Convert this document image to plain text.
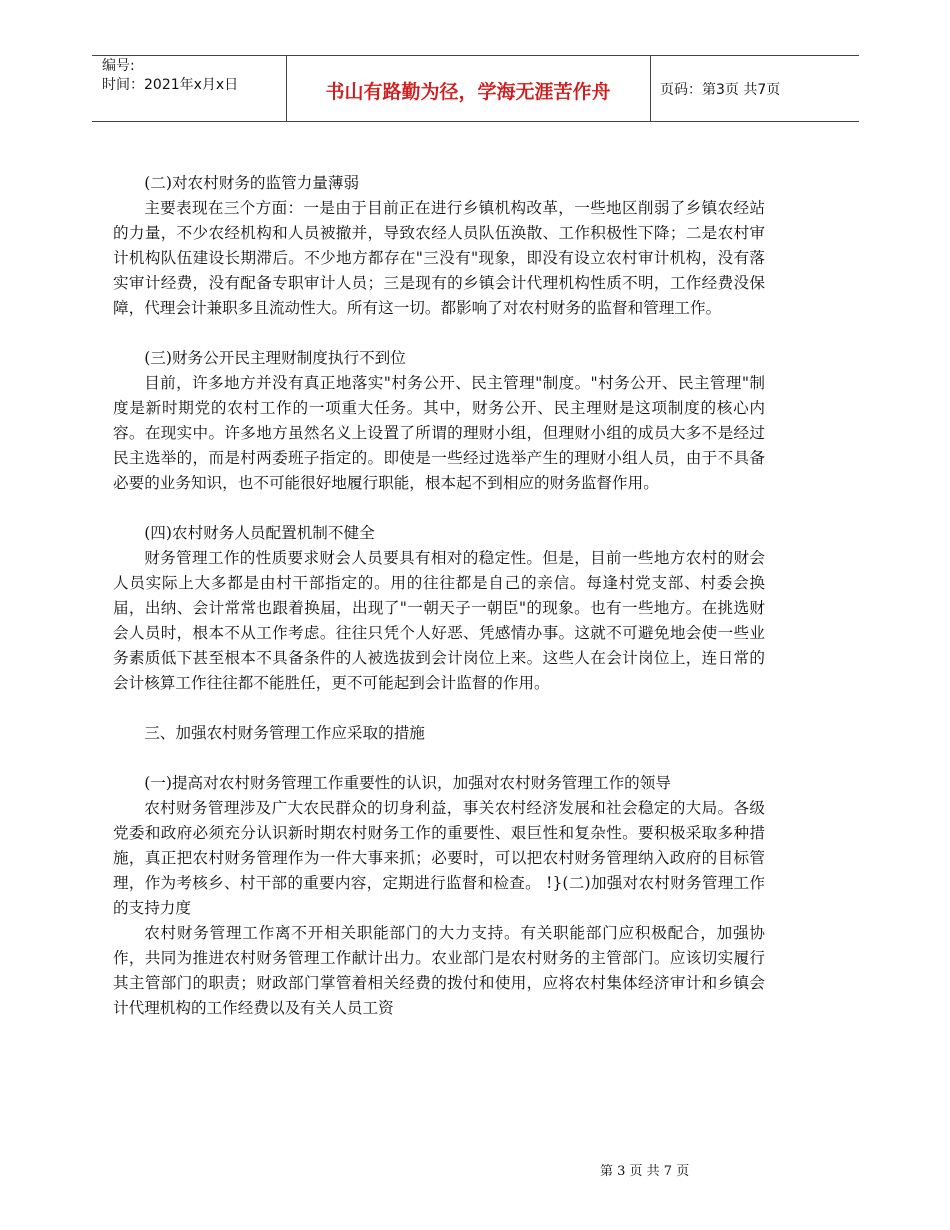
编号:
时间：2021年x月x日	书山有路勤为径，学海无涯苦作舟	页码：第3页 共7页

(二)对农村财务的监管力量薄弱

主要表现在三个方面：一是由于目前正在进行乡镇机构改革，一些地区削弱了乡镇农经站的力量，不少农经机构和人员被撤并，导致农经人员队伍涣散、工作积极性下降；二是农村审计机构队伍建设长期滞后。不少地方都存在"三没有"现象，即没有设立农村审计机构，没有落实审计经费，没有配备专职审计人员；三是现有的乡镇会计代理机构性质不明，工作经费没保障，代理会计兼职多且流动性大。所有这一切。都影响了对农村财务的监督和管理工作。

(三)财务公开民主理财制度执行不到位

目前，许多地方并没有真正地落实"村务公开、民主管理"制度。"村务公开、民主管理"制度是新时期党的农村工作的一项重大任务。其中，财务公开、民主理财是这项制度的核心内容。在现实中。许多地方虽然名义上设置了所谓的理财小组，但理财小组的成员大多不是经过民主选举的，而是村两委班子指定的。即使是一些经过选举产生的理财小组人员，由于不具备必要的业务知识，也不可能很好地履行职能，根本起不到相应的财务监督作用。

(四)农村财务人员配置机制不健全

财务管理工作的性质要求财会人员要具有相对的稳定性。但是，目前一些地方农村的财会人员实际上大多都是由村干部指定的。用的往往都是自己的亲信。每逢村党支部、村委会换届，出纳、会计常常也跟着换届，出现了"一朝天子一朝臣"的现象。也有一些地方。在挑选财会人员时，根本不从工作考虑。往往只凭个人好恶、凭感情办事。这就不可避免地会使一些业务素质低下甚至根本不具备条件的人被选拔到会计岗位上来。这些人在会计岗位上，连日常的会计核算工作往往都不能胜任，更不可能起到会计监督的作用。

三、加强农村财务管理工作应采取的措施

(一)提高对农村财务管理工作重要性的认识，加强对农村财务管理工作的领导

农村财务管理涉及广大农民群众的切身利益，事关农村经济发展和社会稳定的大局。各级党委和政府必须充分认识新时期农村财务工作的重要性、艰巨性和复杂性。要积极采取多种措施，真正把农村财务管理作为一件大事来抓；必要时，可以把农村财务管理纳入政府的目标管理，作为考核乡、村干部的重要内容，定期进行监督和检查。 !}(二)加强对农村财务管理工作的支持力度

农村财务管理工作离不开相关职能部门的大力支持。有关职能部门应积极配合，加强协作，共同为推进农村财务管理工作献计出力。农业部门是农村财务的主管部门。应该切实履行其主管部门的职责；财政部门掌管着相关经费的拨付和使用，应将农村集体经济审计和乡镇会计代理机构的工作经费以及有关人员工资

第 3 页 共 7 页
